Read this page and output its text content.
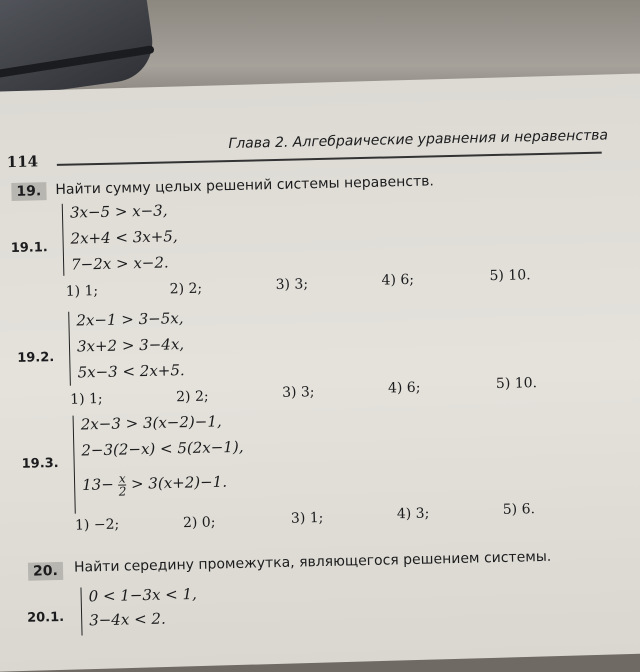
114
Глава 2. Алгебраические уравнения и неравенства
19. Найти сумму целых решений системы неравенств.
19.1.
3x−5 > x−3,
2x+4 < 3x+5,
7−2x > x−2.
1) 1;	2) 2;	3) 3;	4) 6;	5) 10.
19.2.
2x−1 > 3−5x,
3x+2 > 3−4x,
5x−3 < 2x+5.
1) 1;	2) 2;	3) 3;	4) 6;	5) 10.
19.3.
2x−3 > 3(x−2)−1,
2−3(2−x) < 5(2x−1),
$13- \frac{x}{2} > 3(x+2)-1$.
1) −2;	2) 0;	3) 1;	4) 3;	5) 6.
20.	Найти середину промежутка, являющегося решением системы.
20.1.
0 < 1−3x < 1,
3−4x < 2.
